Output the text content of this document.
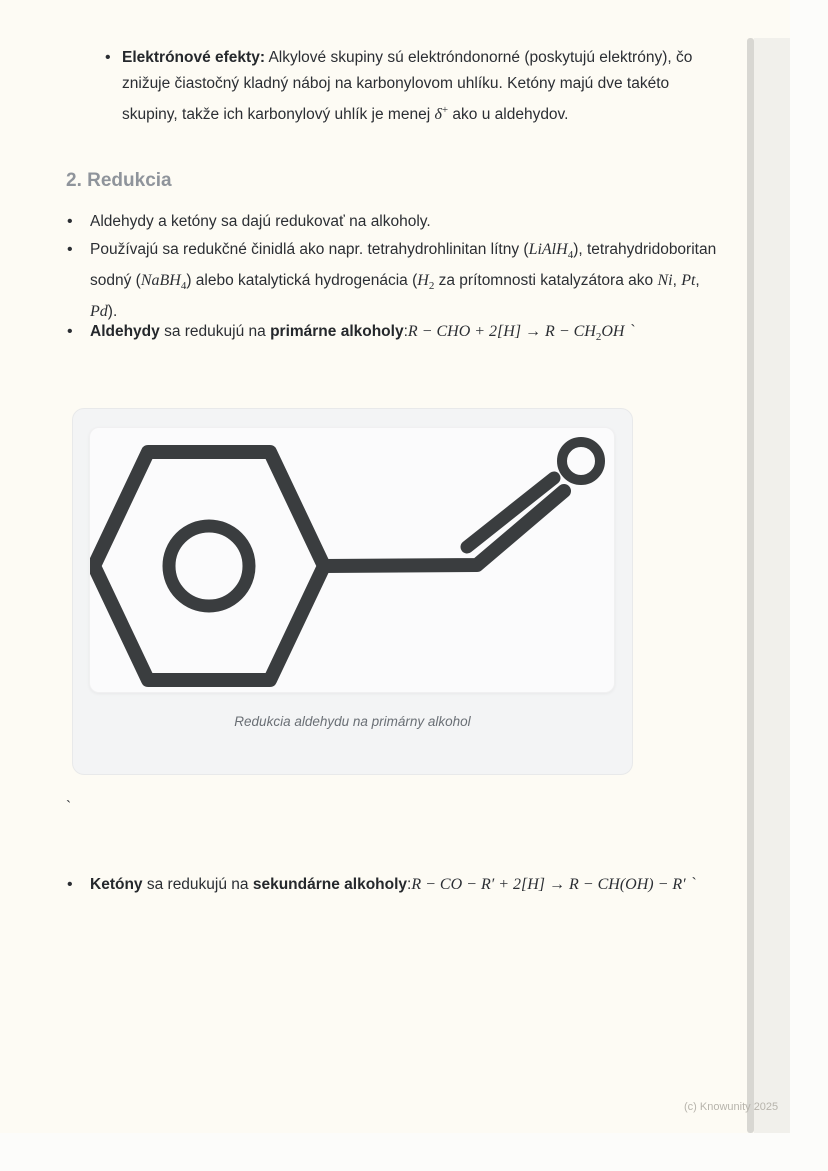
• Elektrónové efekty: Alkylové skupiny sú elektróndonorné (poskytujú elektróny), čo znižuje čiastočný kladný náboj na karbonylovom uhlíku. Ketóny majú dve takéto skupiny, takže ich karbonylový uhlík je menej δ+ ako u aldehydov.
2. Redukcia
• Aldehydy a ketóny sa dajú redukovať na alkoholy.
• Používajú sa redukčné činidlá ako napr. tetrahydrohlinitan lítny (LiAlH$_4$), tetrahydridoboritan sodný (NaBH$_4$) alebo katalytická hydrogenácia ($H_2$ za prítomnosti katalyzátora ako Ni, Pt, Pd).
• Aldehydy sa redukujú na primárne alkoholy:R − CHO + $2[H] \to R - CH_2OH$ `
Redukcia aldehydu na primárny alkohol
`
• Ketóny sa redukujú na sekundárne alkoholy:R − CO − R′ + 2[H] → R − CH(OH) − R′ `
(c) Knowunity 2025
